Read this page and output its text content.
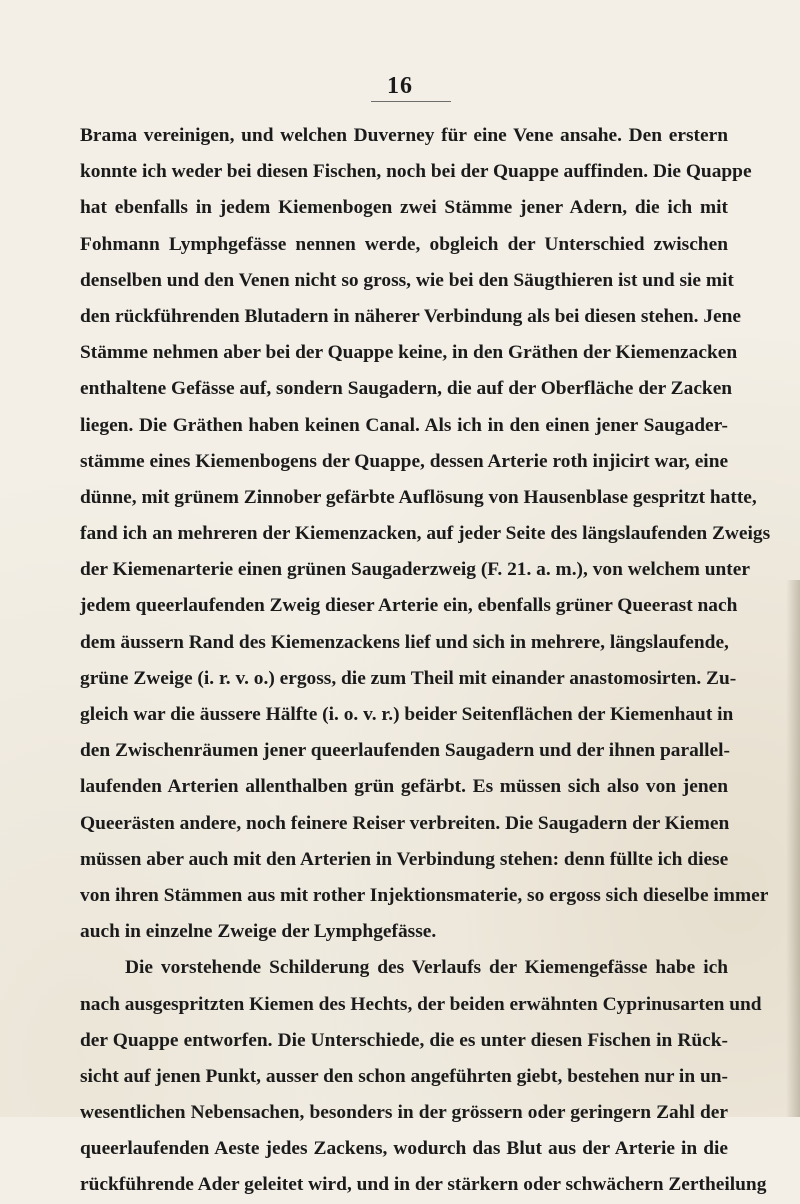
16
Brama vereinigen, und welchen Duverney für eine Vene ansahe. Den erstern
konnte ich weder bei diesen Fischen, noch bei der Quappe auffinden. Die Quappe
hat ebenfalls in jedem Kiemenbogen zwei Stämme jener Adern, die ich mit
Fohmann Lymphgefässe nennen werde, obgleich der Unterschied zwischen
denselben und den Venen nicht so gross, wie bei den Säugthieren ist und sie mit
den rückführenden Blutadern in näherer Verbindung als bei diesen stehen. Jene
Stämme nehmen aber bei der Quappe keine, in den Gräthen der Kiemenzacken
enthaltene Gefässe auf, sondern Saugadern, die auf der Oberfläche der Zacken
liegen. Die Gräthen haben keinen Canal. Als ich in den einen jener Saugader-
stämme eines Kiemenbogens der Quappe, dessen Arterie roth injicirt war, eine
dünne, mit grünem Zinnober gefärbte Auflösung von Hausenblase gespritzt hatte,
fand ich an mehreren der Kiemenzacken, auf jeder Seite des längslaufenden Zweigs
der Kiemenarterie einen grünen Saugaderzweig (F. 21. a. m.), von welchem unter
jedem queerlaufenden Zweig dieser Arterie ein, ebenfalls grüner Queerast nach
dem äussern Rand des Kiemenzackens lief und sich in mehrere, längslaufende,
grüne Zweige (i. r. v. o.) ergoss, die zum Theil mit einander anastomosirten. Zu-
gleich war die äussere Hälfte (i. o. v. r.) beider Seitenflächen der Kiemenhaut in
den Zwischenräumen jener queerlaufenden Saugadern und der ihnen parallel-
laufenden Arterien allenthalben grün gefärbt. Es müssen sich also von jenen
Queerästen andere, noch feinere Reiser verbreiten. Die Saugadern der Kiemen
müssen aber auch mit den Arterien in Verbindung stehen: denn füllte ich diese
von ihren Stämmen aus mit rother Injektionsmaterie, so ergoss sich dieselbe immer
auch in einzelne Zweige der Lymphgefässe.
Die vorstehende Schilderung des Verlaufs der Kiemengefässe habe ich
nach ausgespritzten Kiemen des Hechts, der beiden erwähnten Cyprinusarten und
der Quappe entworfen. Die Unterschiede, die es unter diesen Fischen in Rück-
sicht auf jenen Punkt, ausser den schon angeführten giebt, bestehen nur in un-
wesentlichen Nebensachen, besonders in der grössern oder geringern Zahl der
queerlaufenden Aeste jedes Zackens, wodurch das Blut aus der Arterie in die
rückführende Ader geleitet wird, und in der stärkern oder schwächern Zertheilung
